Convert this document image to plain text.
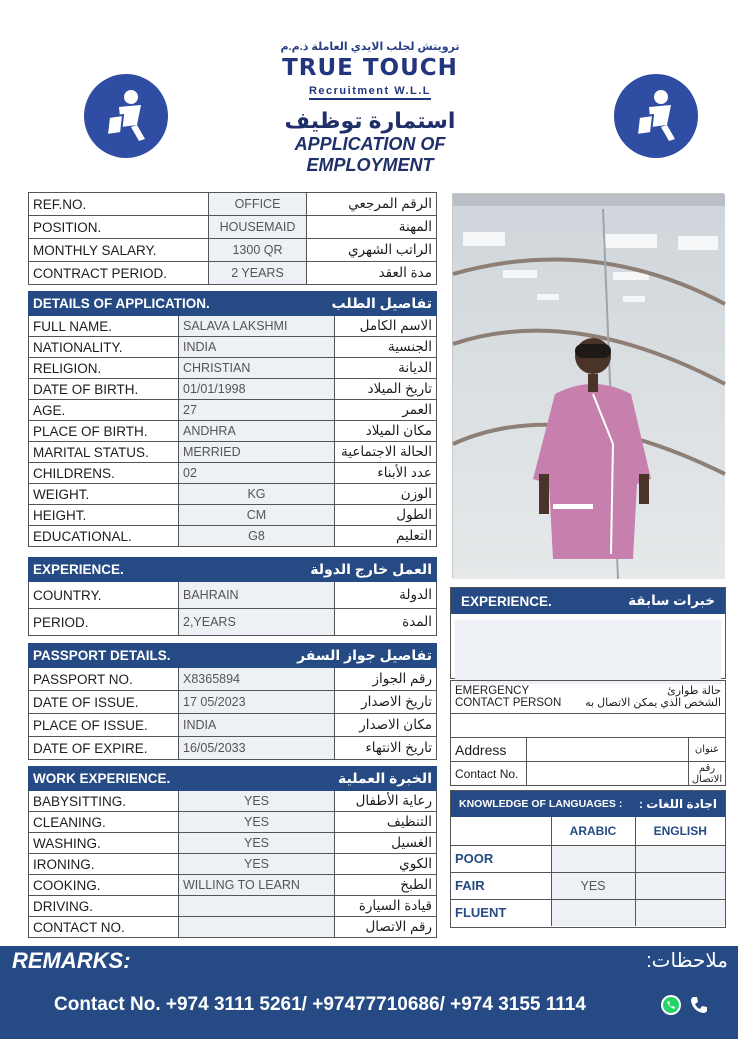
ترويتش لجلب الايدي العاملة ذ.م.م
TRUE TOUCH
Recruitment W.L.L
استمارة توظيف
APPLICATION OF EMPLOYMENT
REF.NO.	OFFICE	الرقم المرجعي
POSITION.	HOUSEMAID	المهنة
MONTHLY SALARY.	1300 QR	الراتب الشهري
CONTRACT PERIOD.	2 YEARS	مدة العقد
DETAILS OF APPLICATION.		تفاصيل الطلب
FULL NAME.	SALAVA LAKSHMI	الاسم الكامل
NATIONALITY.	INDIA	الجنسية
RELIGION.	CHRISTIAN	الديانة
DATE OF BIRTH.	01/01/1998	تاريخ الميلاد
AGE.	27	العمر
PLACE OF BIRTH.	ANDHRA	مكان الميلاد
MARITAL STATUS.	MERRIED	الحالة الاجتماعية
CHILDRENS.	02	عدد الأبناء
WEIGHT.	KG	الوزن
HEIGHT.	CM	الطول
EDUCATIONAL.	G8	التعليم
EXPERIENCE.		العمل خارج الدولة
COUNTRY.	BAHRAIN	الدولة
PERIOD.	2,YEARS	المدة
PASSPORT DETAILS.		تفاصيل جواز السفر
PASSPORT NO.	X8365894	رقم الجواز
DATE OF ISSUE.	17 05/2023	تاريخ الاصدار
PLACE OF ISSUE.	INDIA	مكان الاصدار
DATE OF EXPIRE.	16/05/2033	تاريخ الانتهاء
WORK EXPERIENCE.		الخبرة العملية
BABYSITTING.	YES	رعاية الأطفال
CLEANING.	YES	التنظيف
WASHING.	YES	الغسيل
IRONING.	YES	الكوي
COOKING.	WILLING TO LEARN	الطبخ
DRIVING.		قيادة السيارة
CONTACT NO.		رقم الاتصال
EXPERIENCE.	خبرات سابقة
EMERGENCY
CONTACT PERSON
حالة طوارئ
الشخص الذي يمكن الاتصال به
Address	عنوان
Contact No.	رقم الاتصال
KNOWLEDGE OF LANGUAGES : اجادة اللغات :
	ARABIC	ENGLISH
POOR		
FAIR	YES	
FLUENT		
REMARKS:	ملاحظات:
Contact No. +974 3111 5261/ +97477710686/ +974 3155 1114
